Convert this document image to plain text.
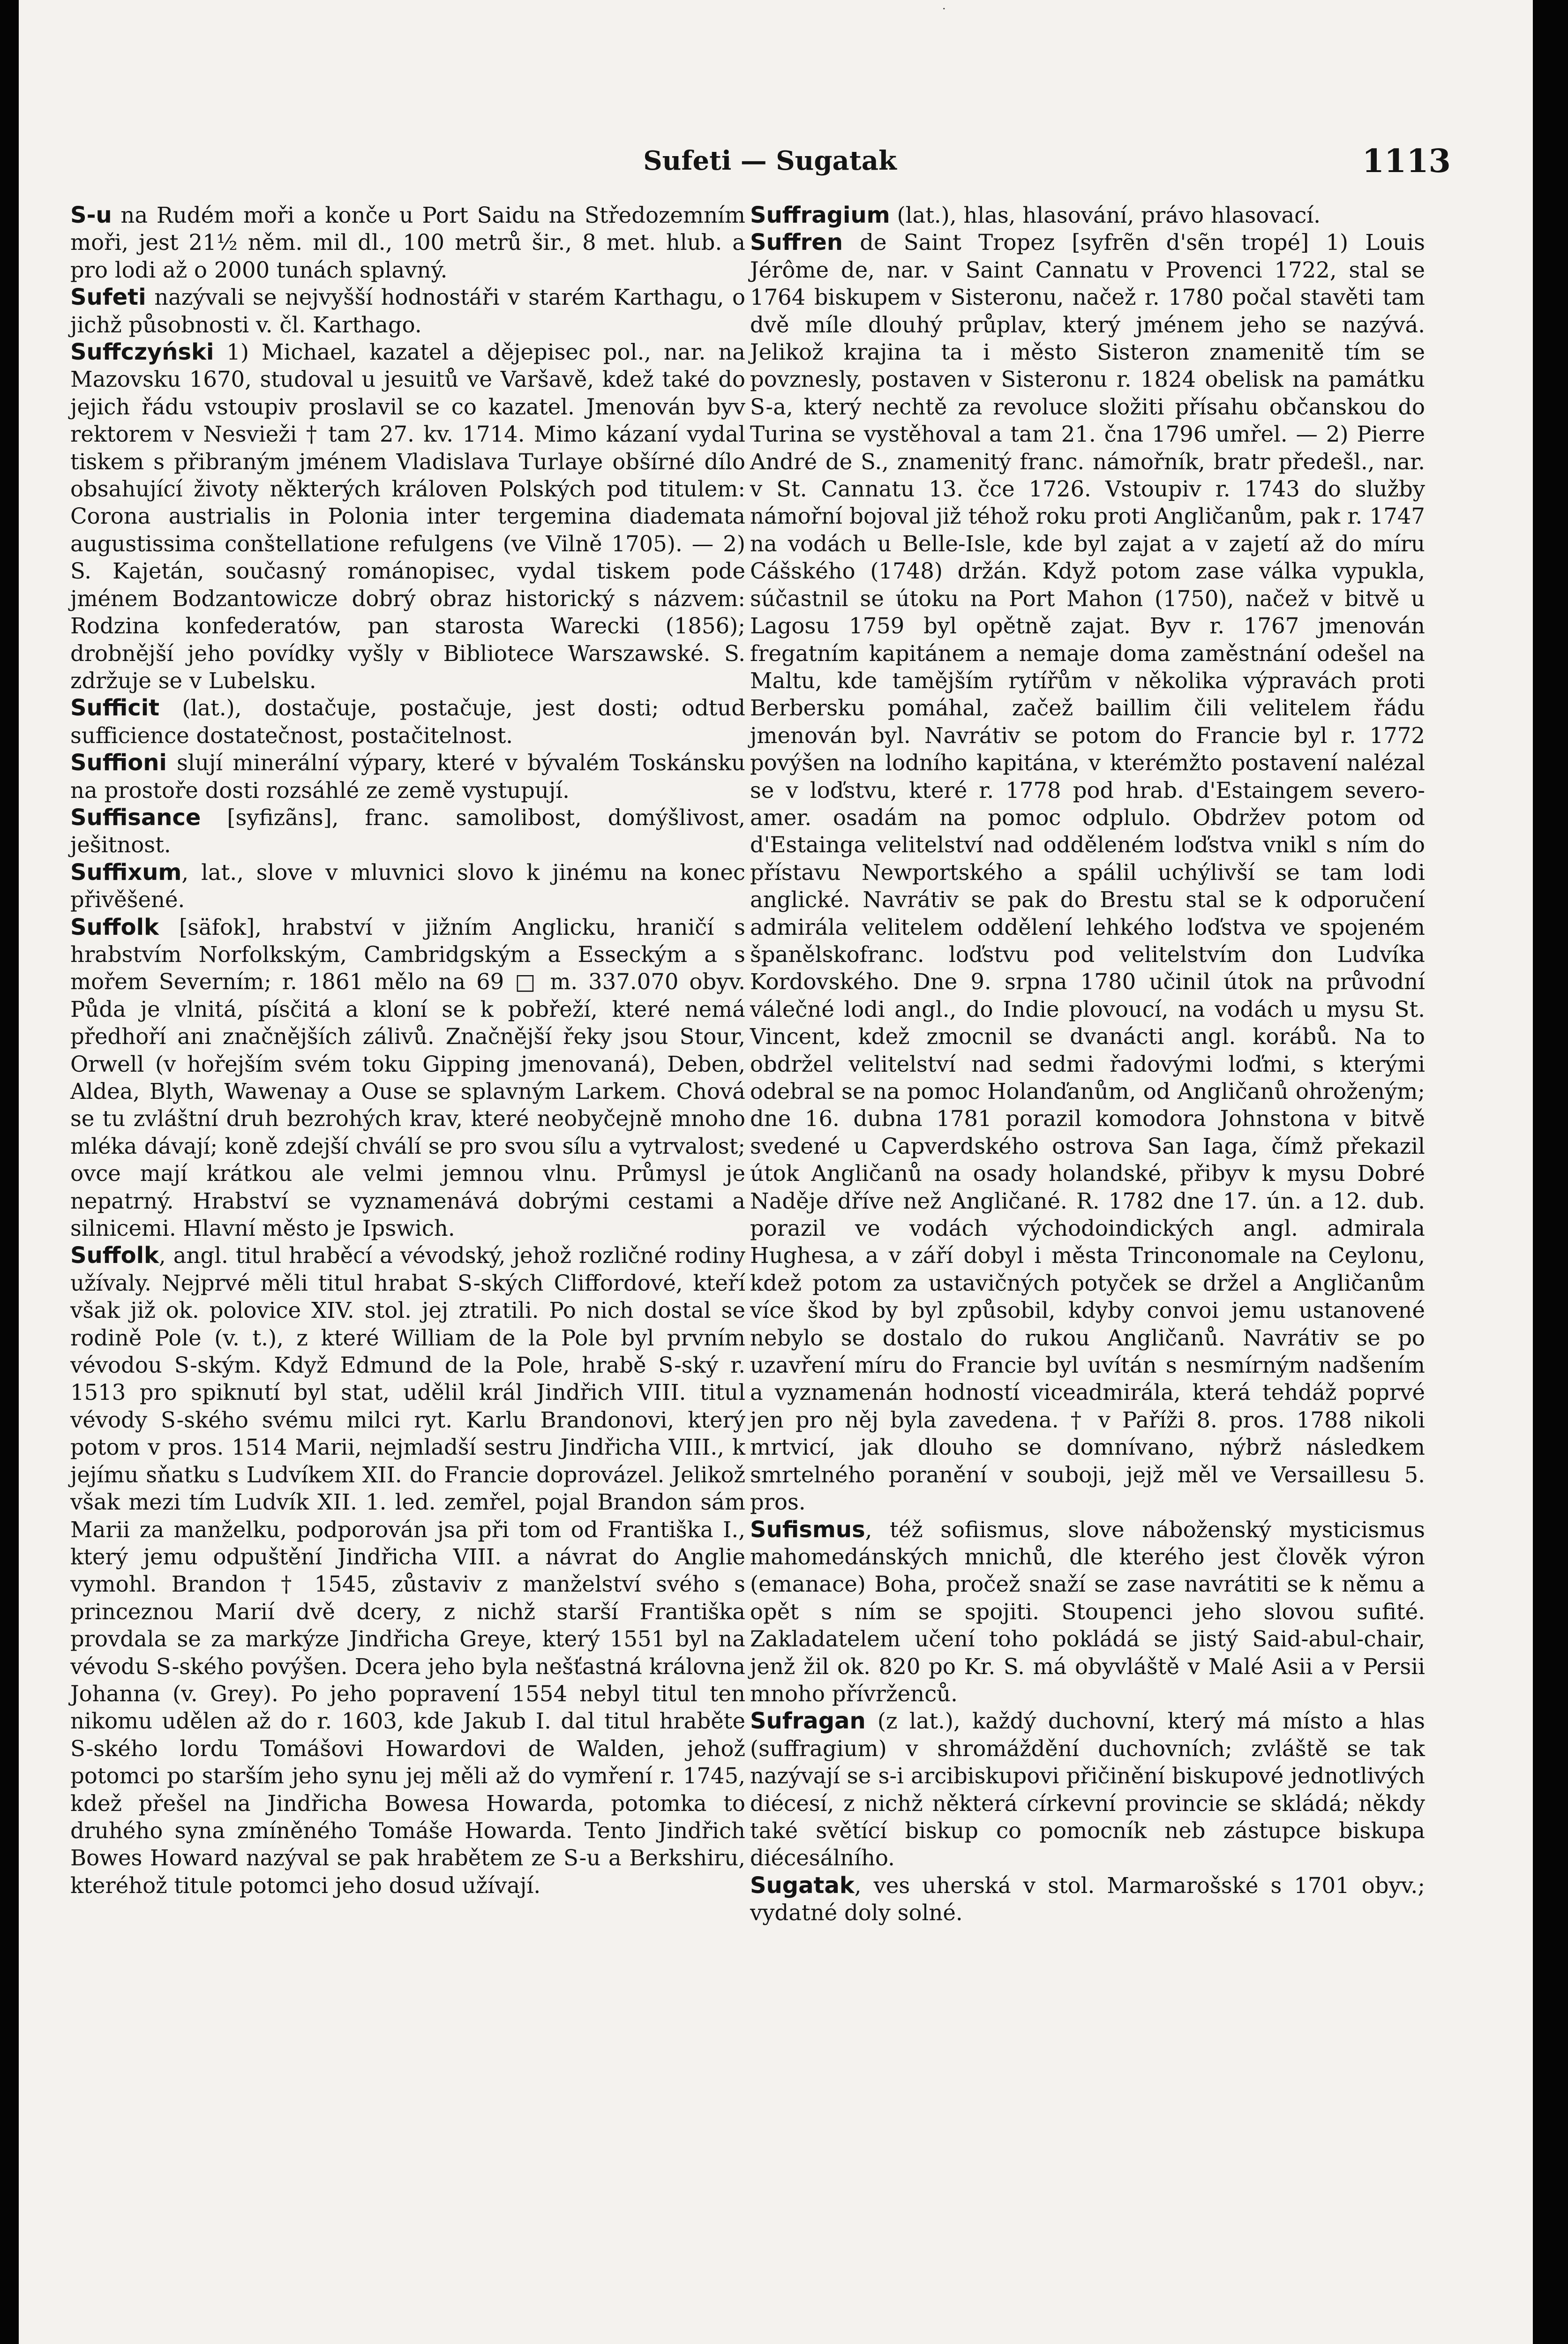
·
Sufeti — Sugatak	1113

S-u na Rudém moři a konče u Port Saidu na Středozemním moři, jest 21½ něm. mil dl., 100 metrů šir., 8 met. hlub. a pro lodi až o 2000 tunách splavný.

Sufeti nazývali se nejvyšší hodnostáři v starém Karthagu, o jichž působnosti v. čl. Karthago.

Suffczyński 1) Michael, kazatel a dějepisec pol., nar. na Mazovsku 1670, studoval u jesuitů ve Varšavě, kdež také do jejich řádu vstoupiv proslavil se co kazatel. Jmenován byv rektorem v Nesvieži † tam 27. kv. 1714. Mimo kázaní vydal tiskem s přibraným jménem Vladislava Turlaye obšírné dílo obsahující životy některých královen Polských pod titulem: Corona austrialis in Polonia inter tergemina diademata augustissima conštellatione refulgens (ve Vilně 1705). — 2) S. Kajetán, současný románopisec, vydal tiskem pode jménem Bodzantowicze dobrý obraz historický s názvem: Rodzina konfederatów, pan starosta Warecki (1856); drobnější jeho povídky vyšly v Bibliotece Warszawské. S. zdržuje se v Lubelsku.

Sufficit (lat.), dostačuje, postačuje, jest dosti; odtud sufficience dostatečnost, postačitelnost.

Suffioni slují minerální výpary, které v bývalém Toskánsku na prostoře dosti rozsáhlé ze země vystupují.

Suffisance [syfizãns], franc. samolibost, domýšlivost, ješitnost.

Suffixum, lat., slove v mluvnici slovo k jinému na konec přivěšené.

Suffolk [säfok], hrabství v jižním Anglicku, hraničí s hrabstvím Norfolkským, Cambridgským a Esseckým a s mořem Severním; r. 1861 mělo na 69 □ m. 337.070 obyv. Půda je vlnitá, písčitá a kloní se k pobřeží, které nemá předhoří ani značnějších zálivů. Značnější řeky jsou Stour, Orwell (v hořejším svém toku Gipping jmenovaná), Deben, Aldea, Blyth, Wawenay a Ouse se splavným Larkem. Chová se tu zvláštní druh bezrohých krav, které neobyčejně mnoho mléka dávají; koně zdejší chválí se pro svou sílu a vytrvalost; ovce mají krátkou ale velmi jemnou vlnu. Průmysl je nepatrný. Hrabství se vyznamenává dobrými cestami a silnicemi. Hlavní město je Ipswich.

Suffolk, angl. titul hraběcí a vévodský, jehož rozličné rodiny užívaly. Nejprvé měli titul hrabat S-ských Cliffordové, kteří však již ok. polovice XIV. stol. jej ztratili. Po nich dostal se rodině Pole (v. t.), z které William de la Pole byl prvním vévodou S-ským. Když Edmund de la Pole, hrabě S-ský r. 1513 pro spiknutí byl stat, udělil král Jindřich VIII. titul vévody S-ského svému milci ryt. Karlu Brandonovi, který potom v pros. 1514 Marii, nejmladší sestru Jindřicha VIII., k jejímu sňatku s Ludvíkem XII. do Francie doprovázel. Jelikož však mezi tím Ludvík XII. 1. led. zemřel, pojal Brandon sám Marii za manželku, podporován jsa při tom od Františka I., který jemu odpuštění Jindřicha VIII. a návrat do Anglie vymohl. Brandon † 1545, zůstaviv z manželství svého s princeznou Marií dvě dcery, z nichž starší Františka provdala se za markýze Jindřicha Greye, který 1551 byl na vévodu S-ského povýšen. Dcera jeho byla nešťastná královna Johanna (v. Grey). Po jeho popravení 1554 nebyl titul ten nikomu udělen až do r. 1603, kde Jakub I. dal titul hraběte S-ského lordu Tomášovi Howardovi de Walden, jehož potomci po starším jeho synu jej měli až do vymření r. 1745, kdež přešel na Jindřicha Bowesa Howarda, potomka to druhého syna zmíněného Tomáše Howarda. Tento Jindřich Bowes Howard nazýval se pak hrabětem ze S-u a Berkshiru, kteréhož titule potomci jeho dosud užívají.

Suffragium (lat.), hlas, hlasování, právo hlasovací.

Suffren de Saint Tropez [syfrẽn d'sẽn tropé] 1) Louis Jérôme de, nar. v Saint Cannatu v Provenci 1722, stal se 1764 biskupem v Sisteronu, načež r. 1780 počal stavěti tam dvě míle dlouhý průplav, který jménem jeho se nazývá. Jelikož krajina ta i město Sisteron znamenitě tím se povznesly, postaven v Sisteronu r. 1824 obelisk na památku S-a, který nechtě za revoluce složiti přísahu občanskou do Turina se vystěhoval a tam 21. čna 1796 umřel. — 2) Pierre André de S., znamenitý franc. námořník, bratr předešl., nar. v St. Cannatu 13. čce 1726. Vstoupiv r. 1743 do služby námořní bojoval již téhož roku proti Angličanům, pak r. 1747 na vodách u Belle-Isle, kde byl zajat a v zajetí až do míru Cášského (1748) držán. Když potom zase válka vypukla, súčastnil se útoku na Port Mahon (1750), načež v bitvě u Lagosu 1759 byl opětně zajat. Byv r. 1767 jmenován fregatním kapitánem a nemaje doma zaměstnání odešel na Maltu, kde tamějším rytířům v několika výpravách proti Berbersku pomáhal, začež baillim čili velitelem řádu jmenován byl. Navrátiv se potom do Francie byl r. 1772 povýšen na lodního kapitána, v kterémžto postavení nalézal se v loďstvu, které r. 1778 pod hrab. d'Estaingem severo-amer. osadám na pomoc odplulo. Obdržev potom od d'Estainga velitelství nad odděleném loďstva vnikl s ním do přístavu Newportského a spálil uchýlivší se tam lodi anglické. Navrátiv se pak do Brestu stal se k odporučení admirála velitelem oddělení lehkého loďstva ve spojeném španělskofranc. loďstvu pod velitelstvím don Ludvíka Kordovského. Dne 9. srpna 1780 učinil útok na průvodní válečné lodi angl., do Indie plovoucí, na vodách u mysu St. Vincent, kdež zmocnil se dvanácti angl. korábů. Na to obdržel velitelství nad sedmi řadovými loďmi, s kterými odebral se na pomoc Holanďanům, od Angličanů ohroženým; dne 16. dubna 1781 porazil komodora Johnstona v bitvě svedené u Capverdského ostrova San Iaga, čímž překazil útok Angličanů na osady holandské, přibyv k mysu Dobré Naděje dříve než Angličané. R. 1782 dne 17. ún. a 12. dub. porazil ve vodách východoindických angl. admirala Hughesa, a v září dobyl i města Trinconomale na Ceylonu, kdež potom za ustavičných potyček se držel a Angličanům více škod by byl způsobil, kdyby convoi jemu ustanovené nebylo se dostalo do rukou Angličanů. Navrátiv se po uzavření míru do Francie byl uvítán s nesmírným nadšením a vyznamenán hodností viceadmirála, která tehdáž poprvé jen pro něj byla zavedena. † v Paříži 8. pros. 1788 nikoli mrtvicí, jak dlouho se domnívano, nýbrž následkem smrtelného poranění v souboji, jejž měl ve Versaillesu 5. pros.

Sufismus, též sofiismus, slove náboženský mysticismus mahomedánských mnichů, dle kterého jest člověk výron (emanace) Boha, pročež snaží se zase navrátiti se k němu a opět s ním se spojiti. Stoupenci jeho slovou sufité. Zakladatelem učení toho pokládá se jistý Said-abul-chair, jenž žil ok. 820 po Kr. S. má obyvláště v Malé Asii a v Persii mnoho přívrženců.

Sufragan (z lat.), každý duchovní, který má místo a hlas (suffragium) v shromáždění duchovních; zvláště se tak nazývají se s-i arcibiskupovi přičinění biskupové jednotlivých diécesí, z nichž některá církevní provincie se skládá; někdy také světící biskup co pomocník neb zástupce biskupa diécesálního.

Sugatak, ves uherská v stol. Marmarošské s 1701 obyv.; vydatné doly solné.
